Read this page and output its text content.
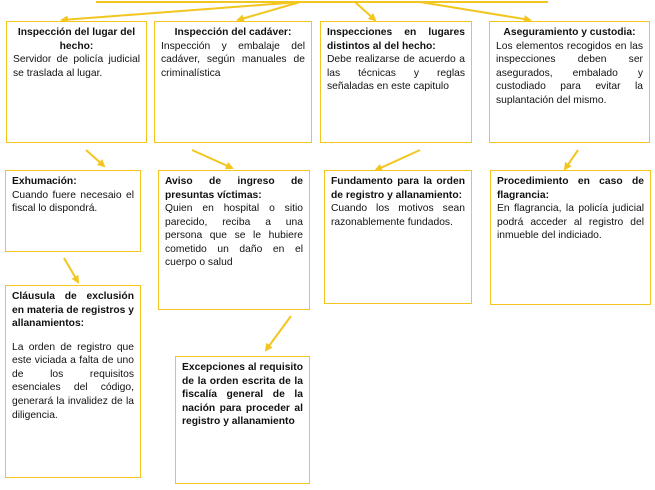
Inspección del lugar del hecho:
Servidor de policía judicial se traslada al lugar.
Inspección del cadáver:
Inspección y embalaje del cadáver, según manuales de criminalística
Inspecciones en lugares distintos al del hecho:
Debe realizarse de acuerdo a las técnicas y reglas señaladas en este capitulo
Aseguramiento y custodia:
Los elementos recogidos en las inspecciones deben ser asegurados, embalado y custodiado para evitar la suplantación del mismo.
Exhumación:
Cuando fuere necesaio el fiscal lo dispondrá.
Aviso de ingreso de presuntas víctimas:
Quien en hospital o sitio parecido, reciba a una persona que se le hubiere cometido un daño en el cuerpo o salud
Fundamento para la orden de registro y allanamiento:
Cuando los motivos sean razonablemente fundados.
Procedimiento en caso de flagrancia:
En flagrancia, la policía judicial podrá acceder al registro del inmueble del indiciado.
Cláusula de exclusión en materia de registros y allanamientos:
La orden de registro que este viciada a falta de uno de los requisitos esenciales del código, generará la invalidez de la diligencia.
Excepciones al requisito de la orden escrita de la fiscalía general de la nación para proceder al registro y allanamiento
